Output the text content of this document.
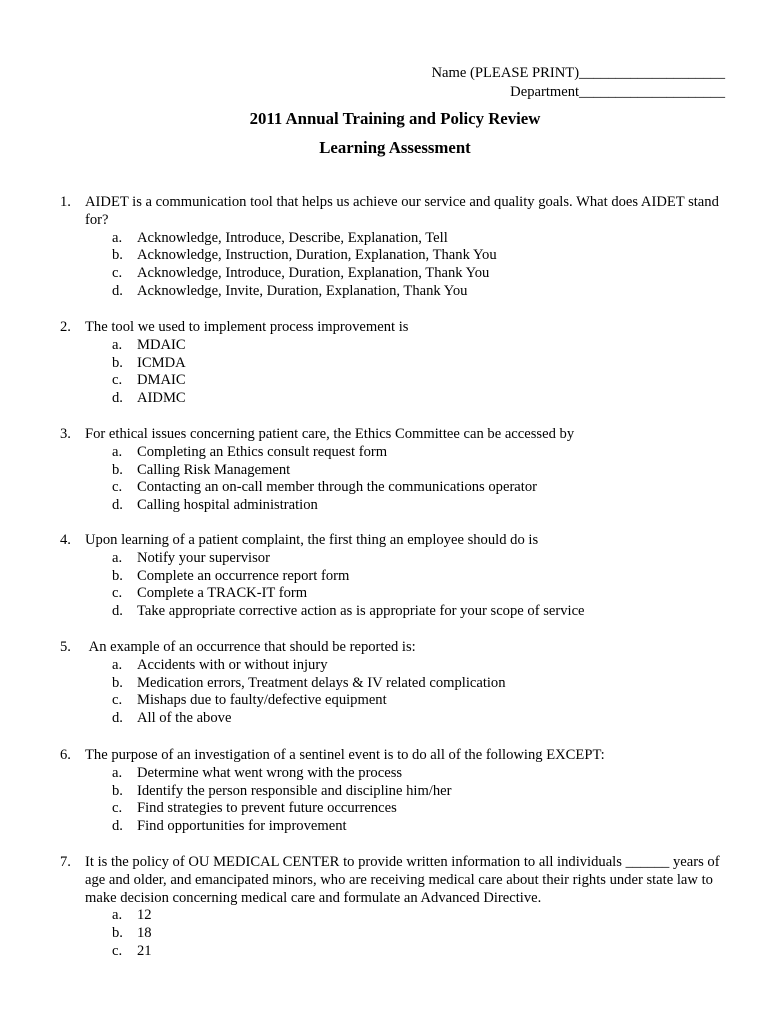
Name (PLEASE PRINT)____________________
Department____________________
2011 Annual Training and Policy Review
Learning Assessment
1. AIDET is a communication tool that helps us achieve our service and quality goals. What does AIDET stand for?
a. Acknowledge, Introduce, Describe, Explanation, Tell
b. Acknowledge, Instruction, Duration, Explanation, Thank You
c. Acknowledge, Introduce, Duration, Explanation, Thank You
d. Acknowledge, Invite, Duration, Explanation, Thank You
2. The tool we used to implement process improvement is
a. MDAIC
b. ICMDA
c. DMAIC
d. AIDMC
3. For ethical issues concerning patient care, the Ethics Committee can be accessed by
a. Completing an Ethics consult request form
b. Calling Risk Management
c. Contacting an on-call member through the communications operator
d. Calling hospital administration
4. Upon learning of a patient complaint, the first thing an employee should do is
a. Notify your supervisor
b. Complete an occurrence report form
c. Complete a TRACK-IT form
d. Take appropriate corrective action as is appropriate for your scope of service
5. An example of an occurrence that should be reported is:
a. Accidents with or without injury
b. Medication errors, Treatment delays & IV related complication
c. Mishaps due to faulty/defective equipment
d. All of the above
6. The purpose of an investigation of a sentinel event is to do all of the following EXCEPT:
a. Determine what went wrong with the process
b. Identify the person responsible and discipline him/her
c. Find strategies to prevent future occurrences
d. Find opportunities for improvement
7. It is the policy of OU MEDICAL CENTER to provide written information to all individuals ______ years of age and older, and emancipated minors, who are receiving medical care about their rights under state law to make decision concerning medical care and formulate an Advanced Directive.
a. 12
b. 18
c. 21
